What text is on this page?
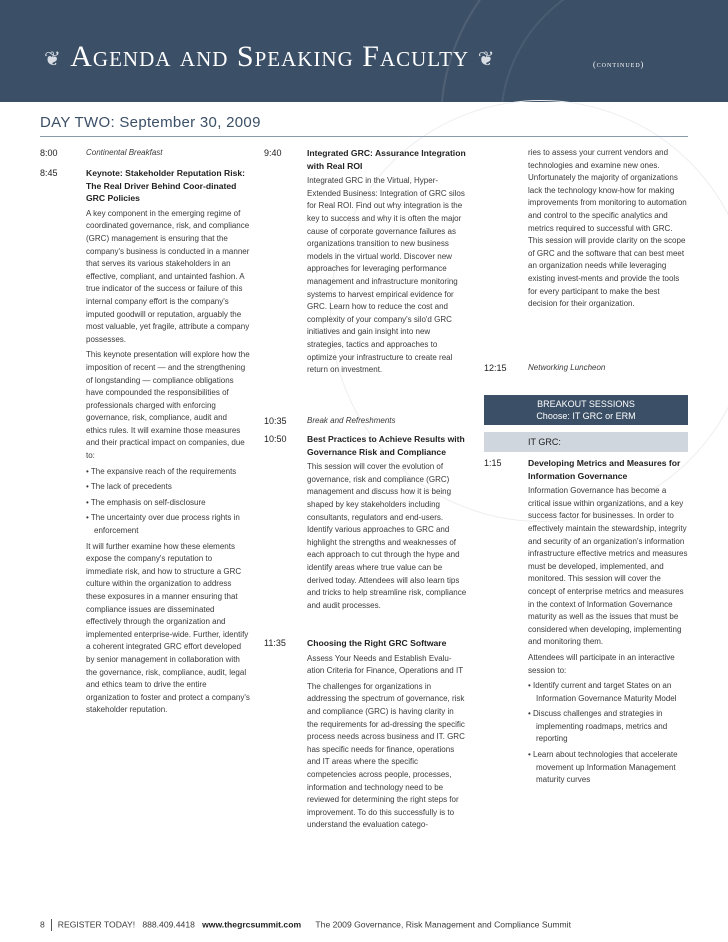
❦ Agenda and Speaking Faculty ❦	(continued)
DAY TWO: September 30, 2009
8:00	Continental Breakfast
8:45	Keynote: Stakeholder Reputation Risk: The Real Driver Behind Coor-dinated GRC Policies

A key component in the emerging regime of coordinated governance, risk, and compliance (GRC) management is ensuring that the company's business is conducted in a manner that serves its various stakeholders in an effective, compliant, and untainted fashion. A true indicator of the success or failure of this internal company effort is the company's imputed goodwill or reputation, arguably the most valuable, yet fragile, attribute a company possesses.

This keynote presentation will explore how the imposition of recent — and the strengthening of longstanding — compliance obligations have compounded the responsibilities of professionals charged with enforcing governance, risk, compliance, audit and ethics rules. It will examine those measures and their practical impact on companies, due to:

• The expansive reach of the requirements

• The lack of precedents

• The emphasis on self-disclosure

• The uncertainty over due process rights in enforcement

It will further examine how these elements expose the company's reputation to immediate risk, and how to structure a GRC culture within the organization to address these exposures in a manner ensuring that compliance issues are disseminated effectively through the organization and implemented enterprise-wide. Further, identify a coherent integrated GRC effort developed by senior management in collaboration with the governance, risk, compliance, audit, legal and ethics team to drive the entire organization to foster and protect a company's stakeholder reputation.

9:40	Integrated GRC: Assurance Integration with Real ROI

Integrated GRC in the Virtual, Hyper-Extended Business: Integration of GRC silos for Real ROI. Find out why integration is the key to success and why it is often the major cause of corporate governance failures as organizations transition to new business models in the virtual world. Discover new approaches for leveraging performance management and infrastructure monitoring systems to harvest empirical evidence for GRC. Learn how to reduce the cost and complexity of your company's silo'd GRC initiatives and gain insight into new strategies, tactics and approaches to optimize your infrastructure to create real return on investment.

10:35	Break and Refreshments
10:50 Best Practices to Achieve Results with Governance Risk and Compliance

This session will cover the evolution of governance, risk and compliance (GRC) management and discuss how it is being shaped by key stakeholders including consultants, regulators and end-users. Identify various approaches to GRC and highlight the strengths and weaknesses of each approach to cut through the hype and identify areas where true value can be derived today. Attendees will also learn tips and tricks to help streamline risk, compliance and audit processes.

11:35 Choosing the Right GRC Software

Assess Your Needs and Establish Evalu-ation Criteria for Finance, Operations and IT

The challenges for organizations in addressing the spectrum of governance, risk and compliance (GRC) is having clarity in the requirements for ad-dressing the specific process needs across business and IT. GRC has specific needs for finance, operations and IT areas where the specific competencies across people, processes, information and technology need to be reviewed for determining the right steps for improvement. To do this successfully is to understand the evaluation catego-

ries to assess your current vendors and technologies and examine new ones. Unfortunately the majority of organizations lack the technology know-how for making improvements from monitoring to automation and control to the specific analytics and metrics required to successful with GRC. This session will provide clarity on the scope of GRC and the software that can best meet an organization needs while leveraging existing invest-ments and provide the tools for every participant to make the best decision for their organization.

12:15	Networking Luncheon
BREAKOUT SESSIONS
Choose: IT GRC or ERM
IT GRC:
1:15	Developing Metrics and Measures for Information Governance

Information Governance has become a critical issue within organizations, and a key success factor for businesses. In order to effectively maintain the stewardship, integrity and security of an organization's information infrastructure effective metrics and measures must be developed, implemented, and monitored. This session will cover the concept of enterprise metrics and measures in the context of Information Governance maturity as well as the issues that must be considered when developing, implementing and monitoring them.

Attendees will participate in an interactive session to:

• Identify current and target States on an Information Governance Maturity Model

• Discuss challenges and strategies in implementing roadmaps, metrics and reporting

• Learn about technologies that accelerate movement up Information Management maturity curves

8 REGISTER TODAY! 888.409.4418 www.thegrcsummit.com The 2009 Governance, Risk Management and Compliance Summit
